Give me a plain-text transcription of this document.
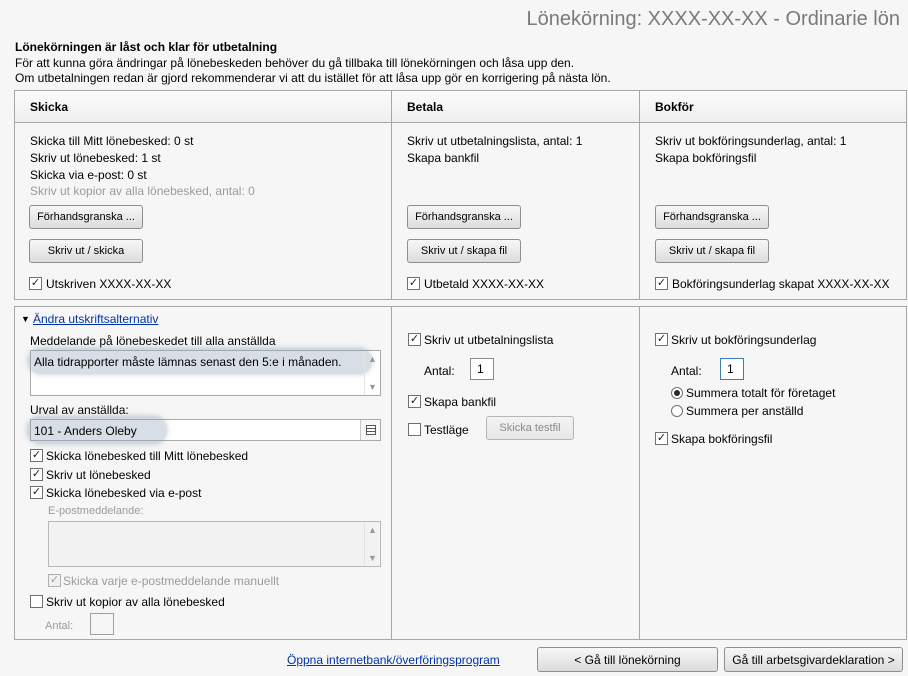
Lönekörning: XXXX-XX-XX - Ordinarie lön
Lönekörningen är låst och klar för utbetalning
För att kunna göra ändringar på lönebeskeden behöver du gå tillbaka till lönekörningen och låsa upp den.
Om utbetalningen redan är gjord rekommenderar vi att du istället för att låsa upp gör en korrigering på nästa lön.
Skicka
Skicka till Mitt lönebesked: 0 st
Skriv ut lönebesked: 1 st
Skicka via e-post: 0 st
Skriv ut kopior av alla lönebesked, antal: 0
Förhandsgranska ...
Skriv ut / skicka
✓ Utskriven XXXX-XX-XX
Betala
Skriv ut utbetalningslista, antal: 1
Skapa bankfil
Förhandsgranska ...
Skriv ut / skapa fil
✓ Utbetald XXXX-XX-XX
Bokför
Skriv ut bokföringsunderlag, antal: 1
Skapa bokföringsfil
Förhandsgranska ...
Skriv ut / skapa fil
✓ Bokföringsunderlag skapat XXXX-XX-XX
▼ Ändra utskriftsalternativ
Meddelande på lönebeskedet till alla anställda
Alla tidrapporter måste lämnas senast den 5:e i månaden.	▲
▼
Urval av anställda:
101 - Anders Oleby
✓ Skicka lönebesked till Mitt lönebesked
✓ Skriv ut lönebesked
✓ Skicka lönebesked via e-post
E-postmeddelande:
▲
▼
✓ Skicka varje e-postmeddelande manuellt
Skriv ut kopior av alla lönebesked
Antal:
✓ Skriv ut utbetalningslista
Antal:	1
✓ Skapa bankfil
Testläge	Skicka testfil
✓ Skriv ut bokföringsunderlag
Antal:	1
Summera totalt för företaget
Summera per anställd
✓ Skapa bokföringsfil
Öppna internetbank/överföringsprogram	< Gå till lönekörning	Gå till arbetsgivardeklaration >
